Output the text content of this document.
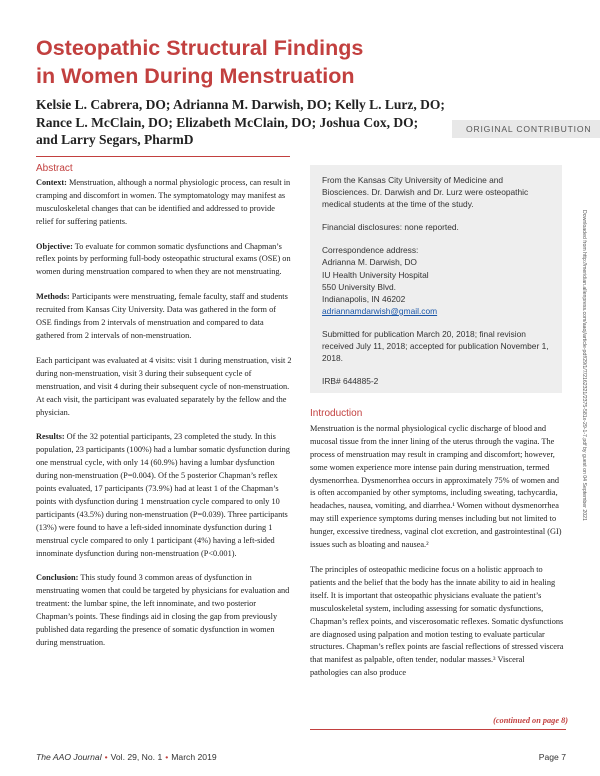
Osteopathic Structural Findings
in Women During Menstruation
Kelsie L. Cabrera, DO; Adrianna M. Darwish, DO; Kelly L. Lurz, DO;
Rance L. McClain, DO; Elizabeth McClain, DO; Joshua Cox, DO;
and Larry Segars, PharmD
ORIGINAL CONTRIBUTION
Abstract

Context: Menstruation, although a normal physiologic process, can result in cramping and discomfort in women. The symptomatology may manifest as musculoskeletal changes that can be identified and addressed to provide relief for suffering patients.

Objective: To evaluate for common somatic dysfunctions and Chapman’s reflex points by performing full-body osteopathic structural exams (OSE) on women during menstruation compared to when they are not menstruating.

Methods: Participants were menstruating, female faculty, staff and students recruited from Kansas City University. Data was gathered in the form of OSE findings from 2 intervals of menstruation and compared to data gathered from 2 intervals of non-menstruation.

Each participant was evaluated at 4 visits: visit 1 during menstruation, visit 2 during non-menstruation, visit 3 during their subsequent cycle of menstruation, and visit 4 during their subsequent cycle of non-menstruation. At each visit, the participant was evaluated separately by the fellow and the physician.

Results: Of the 32 potential participants, 23 completed the study. In this population, 23 participants (100%) had a lumbar somatic dysfunction during one menstrual cycle, with only 14 (60.9%) having a lumbar dysfunction during non-menstruation (P=0.004). Of the 5 posterior Chapman’s reflex points evaluated, 17 participants (73.9%) had at least 1 of the Chapman’s points with dysfunction during 1 menstruation cycle compared to only 10 participants (43.5%) during non-menstruation (P=0.039). Three participants (13%) were found to have a left-sided innominate dysfunction during 1 menstrual cycle compared to only 1 participant (4%) having a left-sided innominate dysfunction during non-menstruation (P<0.001).

Conclusion: This study found 3 common areas of dysfunction in menstruating women that could be targeted by physicians for evaluation and treatment: the lumbar spine, the left innominate, and two posterior Chapman’s points. These findings aid in closing the gap from previously published data regarding the presence of somatic dysfunction in women during menstruation.

From the Kansas City University of Medicine and Biosciences. Dr. Darwish and Dr. Lurz were osteopathic medical students at the time of the study.

Financial disclosures: none reported.

Correspondence address:
Adrianna M. Darwish, DO
IU Health University Hospital
550 University Blvd.
Indianapolis, IN 46202
adriannamdarwish@gmail.com

Submitted for publication March 20, 2018; final revision received July 11, 2018; accepted for publication November 1, 2018.

IRB# 644885-2

Introduction

Menstruation is the normal physiological cyclic discharge of blood and mucosal tissue from the inner lining of the uterus through the vagina. The process of menstruation may result in cramping and discomfort; however, some women experience more intense pain during menstruation, termed dysmenorrhea. Dysmenorrhea occurs in approximately 75% of women and is often accompanied by other symptoms, including sweating, tachycardia, headaches, nausea, vomiting, and diarrhea.¹ Women without dysmenorrhea may still experience symptoms during menses including but not limited to hunger, excessive tiredness, vaginal clot excretion, and gastrointestinal (GI) issues such as bloating and nausea.²

The principles of osteopathic medicine focus on a holistic approach to patients and the belief that the body has the innate ability to aid in healing itself. It is important that osteopathic physicians evaluate the patient’s musculoskeletal system, including assessing for somatic dysfunctions, Chapman’s reflex points, and viscerosomatic reflexes. Somatic dysfunctions are diagnosed using palpation and motion testing to evaluate particular structures. Chapman’s reflex points are fascial reflections of stressed viscera that manifest as palpable, often tender, nodular masses.³ Visceral pathologies can also produce

(continued on page 8)
The AAO Journal • Vol. 29, No. 1 • March 2019	Page 7
Downloaded from http://meridian.allenpress.com/aaoj/article-pdf/29/1/7/2162321/2375-581x-29-1-7.pdf by guest on 04 September 2021
